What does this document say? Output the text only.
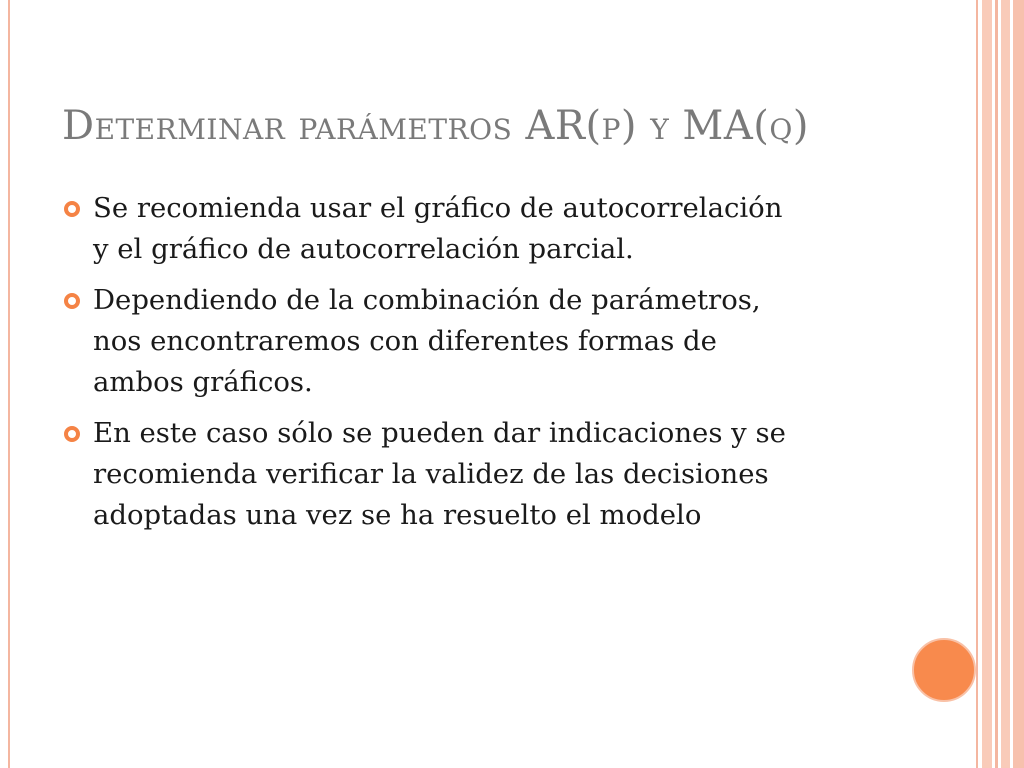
Determinar parámetros AR(p) y MA(q)
Se recomienda usar el gráfico de autocorrelación
y el gráfico de autocorrelación parcial.
Dependiendo de la combinación de parámetros,
nos encontraremos con diferentes formas de
ambos gráficos.
En este caso sólo se pueden dar indicaciones y se
recomienda verificar la validez de las decisiones
adoptadas una vez se ha resuelto el modelo
